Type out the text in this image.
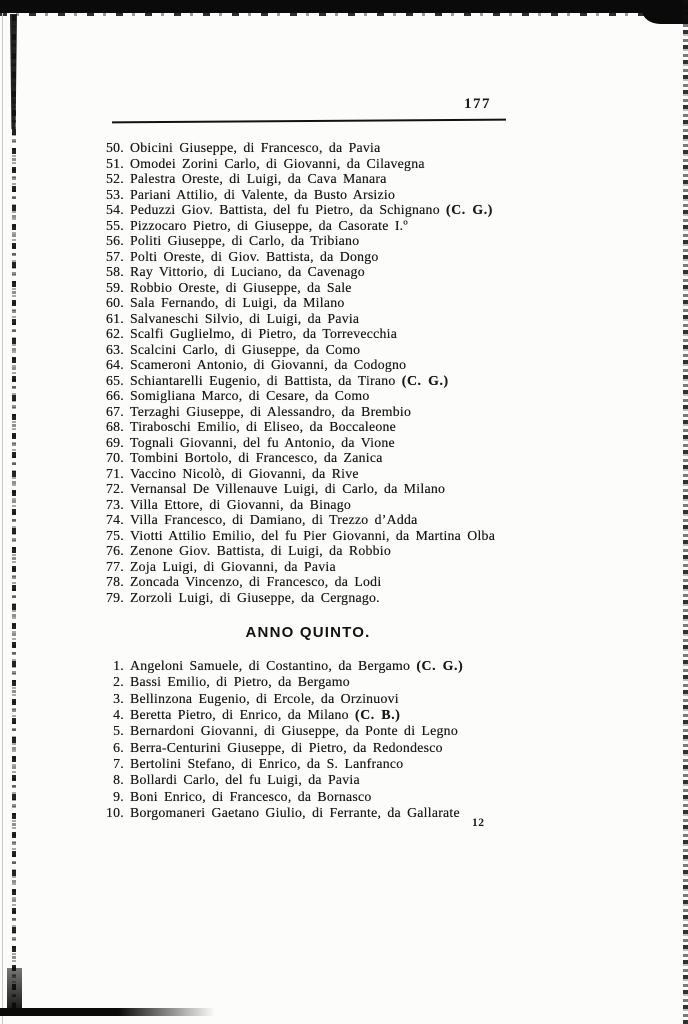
177
50. Obicini Giuseppe, di Francesco, da Pavia
51. Omodei Zorini Carlo, di Giovanni, da Cilavegna
52. Palestra Oreste, di Luigi, da Cava Manara
53. Pariani Attilio, di Valente, da Busto Arsizio
54. Peduzzi Giov. Battista, del fu Pietro, da Schignano (C. G.)
55. Pizzocaro Pietro, di Giuseppe, da Casorate I.º
56. Politi Giuseppe, di Carlo, da Tribiano
57. Polti Oreste, di Giov. Battista, da Dongo
58. Ray Vittorio, di Luciano, da Cavenago
59. Robbio Oreste, di Giuseppe, da Sale
60. Sala Fernando, di Luigi, da Milano
61. Salvaneschi Silvio, di Luigi, da Pavia
62. Scalfi Guglielmo, di Pietro, da Torrevecchia
63. Scalcini Carlo, di Giuseppe, da Como
64. Scameroni Antonio, di Giovanni, da Codogno
65. Schiantarelli Eugenio, di Battista, da Tirano (C. G.)
66. Somigliana Marco, di Cesare, da Como
67. Terzaghi Giuseppe, di Alessandro, da Brembio
68. Tiraboschi Emilio, di Eliseo, da Boccaleone
69. Tognali Giovanni, del fu Antonio, da Vione
70. Tombini Bortolo, di Francesco, da Zanica
71. Vaccino Nicolò, di Giovanni, da Rive
72. Vernansal De Villenauve Luigi, di Carlo, da Milano
73. Villa Ettore, di Giovanni, da Binago
74. Villa Francesco, di Damiano, di Trezzo d’Adda
75. Viotti Attilio Emilio, del fu Pier Giovanni, da Martina Olba
76. Zenone Giov. Battista, di Luigi, da Robbio
77. Zoja Luigi, di Giovanni, da Pavia
78. Zoncada Vincenzo, di Francesco, da Lodi
79. Zorzoli Luigi, di Giuseppe, da Cergnago.
ANNO QUINTO.
1. Angeloni Samuele, di Costantino, da Bergamo (C. G.)
2. Bassi Emilio, di Pietro, da Bergamo
3. Bellinzona Eugenio, di Ercole, da Orzinuovi
4. Beretta Pietro, di Enrico, da Milano (C. B.)
5. Bernardoni Giovanni, di Giuseppe, da Ponte di Legno
6. Berra-Centurini Giuseppe, di Pietro, da Redondesco
7. Bertolini Stefano, di Enrico, da S. Lanfranco
8. Bollardi Carlo, del fu Luigi, da Pavia
9. Boni Enrico, di Francesco, da Bornasco
10. Borgomaneri Gaetano Giulio, di Ferrante, da Gallarate
12
